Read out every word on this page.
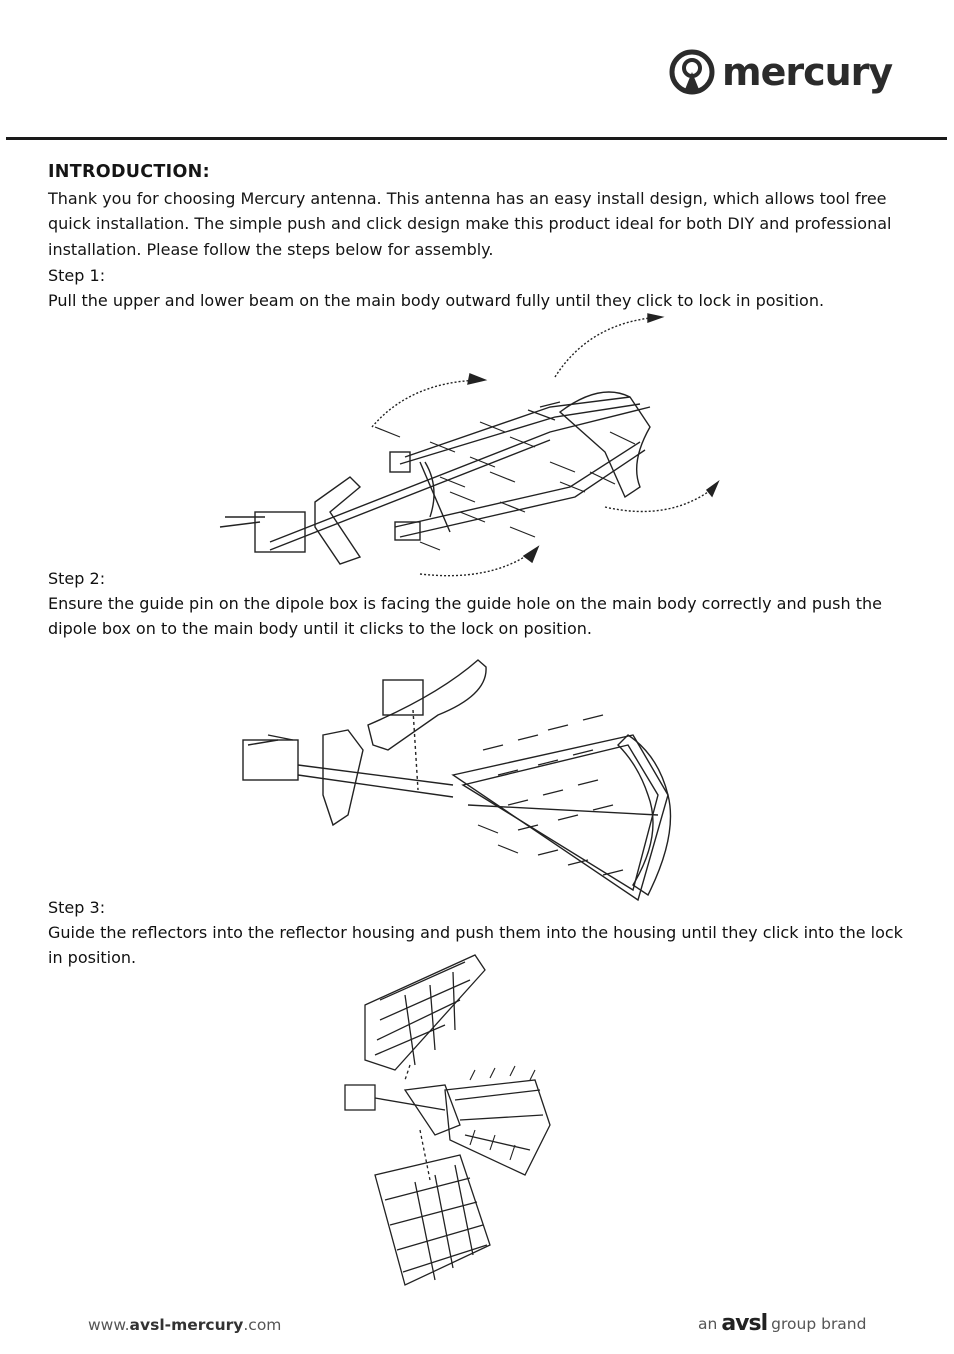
mercury

INTRODUCTION:

Thank you for choosing Mercury antenna. This antenna has an easy install design, which allows tool free quick installation. The simple push and click design make this product ideal for both DIY and professional installation. Please follow the steps below for assembly.

Step 1:
Pull the upper and lower beam on the main body outward fully until they click to lock in position.
Step 2:
Ensure the guide pin on the dipole box is facing the guide hole on the main body correctly and push the dipole box on to the main body until it clicks to the lock on position.
Step 3:
Guide the reflectors into the reflector housing and push them into the housing until they click into the lock in position.
www.avsl-mercury.com	an avsl group brand
